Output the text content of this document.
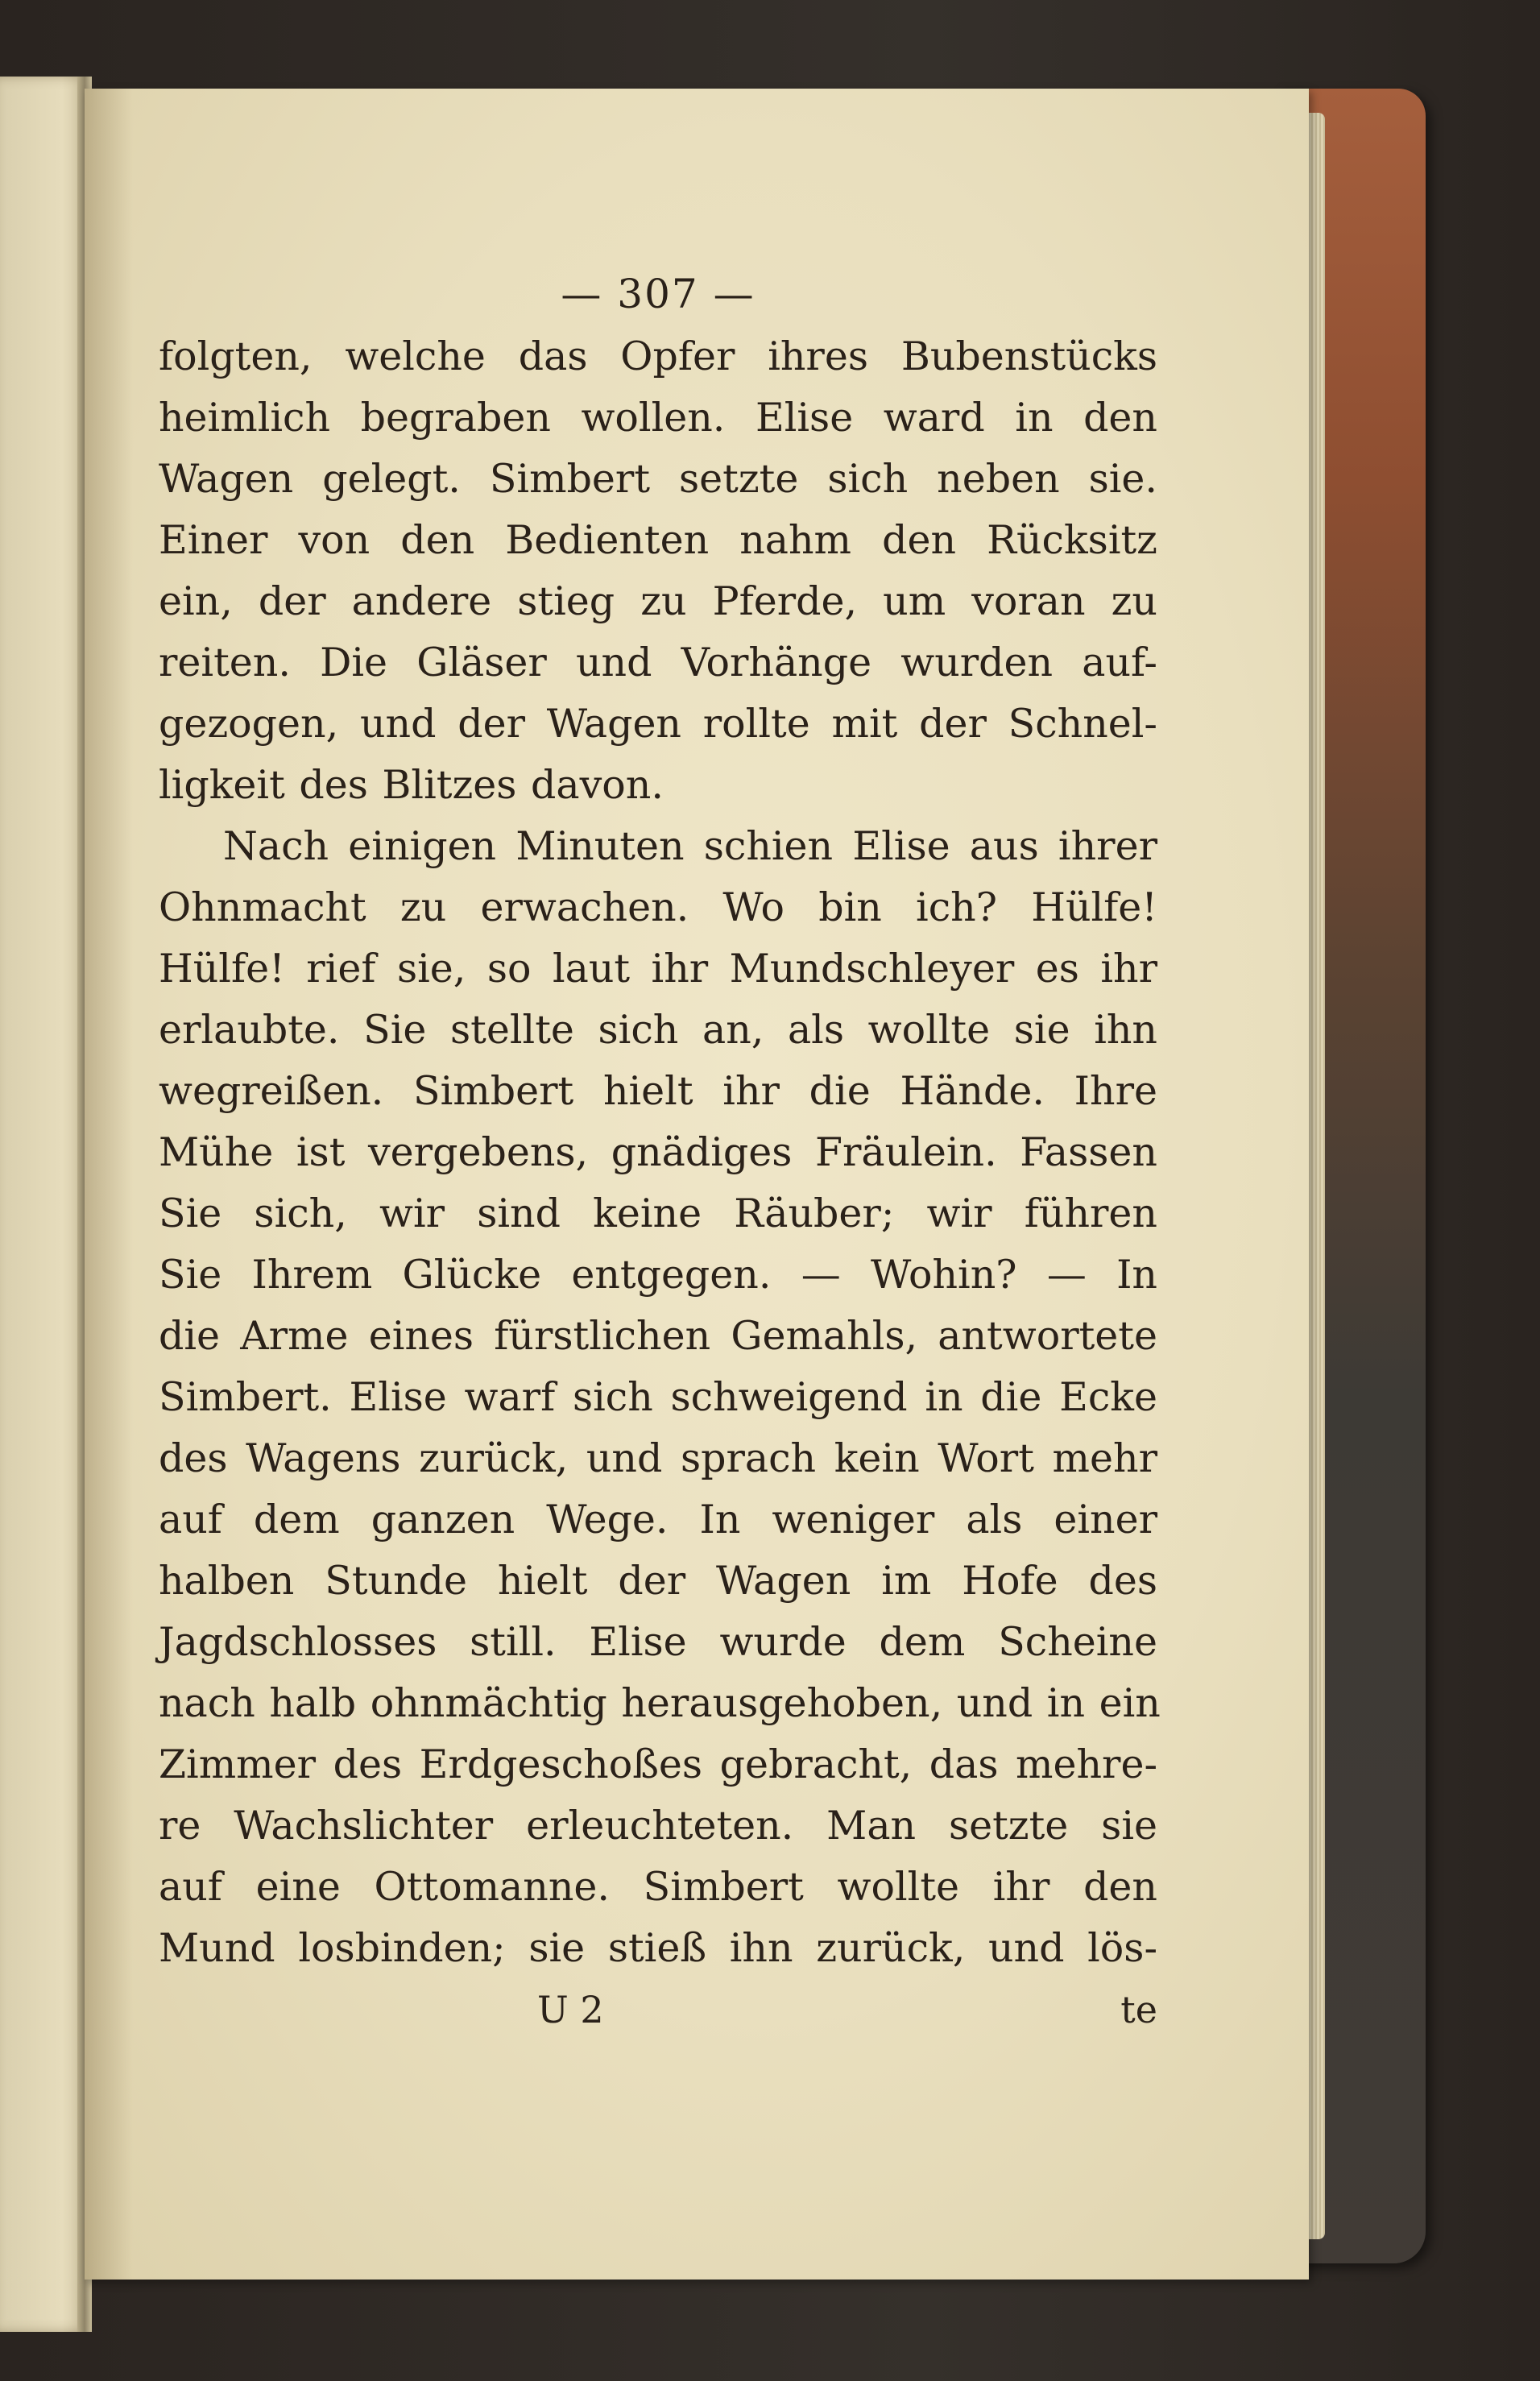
— 307 —
folgten, welche das Opfer ihres Bubenstücks
heimlich begraben wollen. Elise ward in den
Wagen gelegt. Simbert setzte sich neben sie.
Einer von den Bedienten nahm den Rücksitz
ein, der andere stieg zu Pferde, um voran zu
reiten. Die Gläser und Vorhänge wurden auf-
gezogen, und der Wagen rollte mit der Schnel-
ligkeit des Blitzes davon.
Nach einigen Minuten schien Elise aus ihrer
Ohnmacht zu erwachen. Wo bin ich? Hülfe!
Hülfe! rief sie, so laut ihr Mundschleyer es ihr
erlaubte. Sie stellte sich an, als wollte sie ihn
wegreißen. Simbert hielt ihr die Hände. Ihre
Mühe ist vergebens, gnädiges Fräulein. Fassen
Sie sich, wir sind keine Räuber; wir führen
Sie Ihrem Glücke entgegen. — Wohin? — In
die Arme eines fürstlichen Gemahls, antwortete
Simbert. Elise warf sich schweigend in die Ecke
des Wagens zurück, und sprach kein Wort mehr
auf dem ganzen Wege. In weniger als einer
halben Stunde hielt der Wagen im Hofe des
Jagdschlosses still. Elise wurde dem Scheine
nach halb ohnmächtig herausgehoben, und in ein
Zimmer des Erdgeschoßes gebracht, das mehre-
re Wachslichter erleuchteten. Man setzte sie
auf eine Ottomanne. Simbert wollte ihr den
Mund losbinden; sie stieß ihn zurück, und lös-
U 2	te
